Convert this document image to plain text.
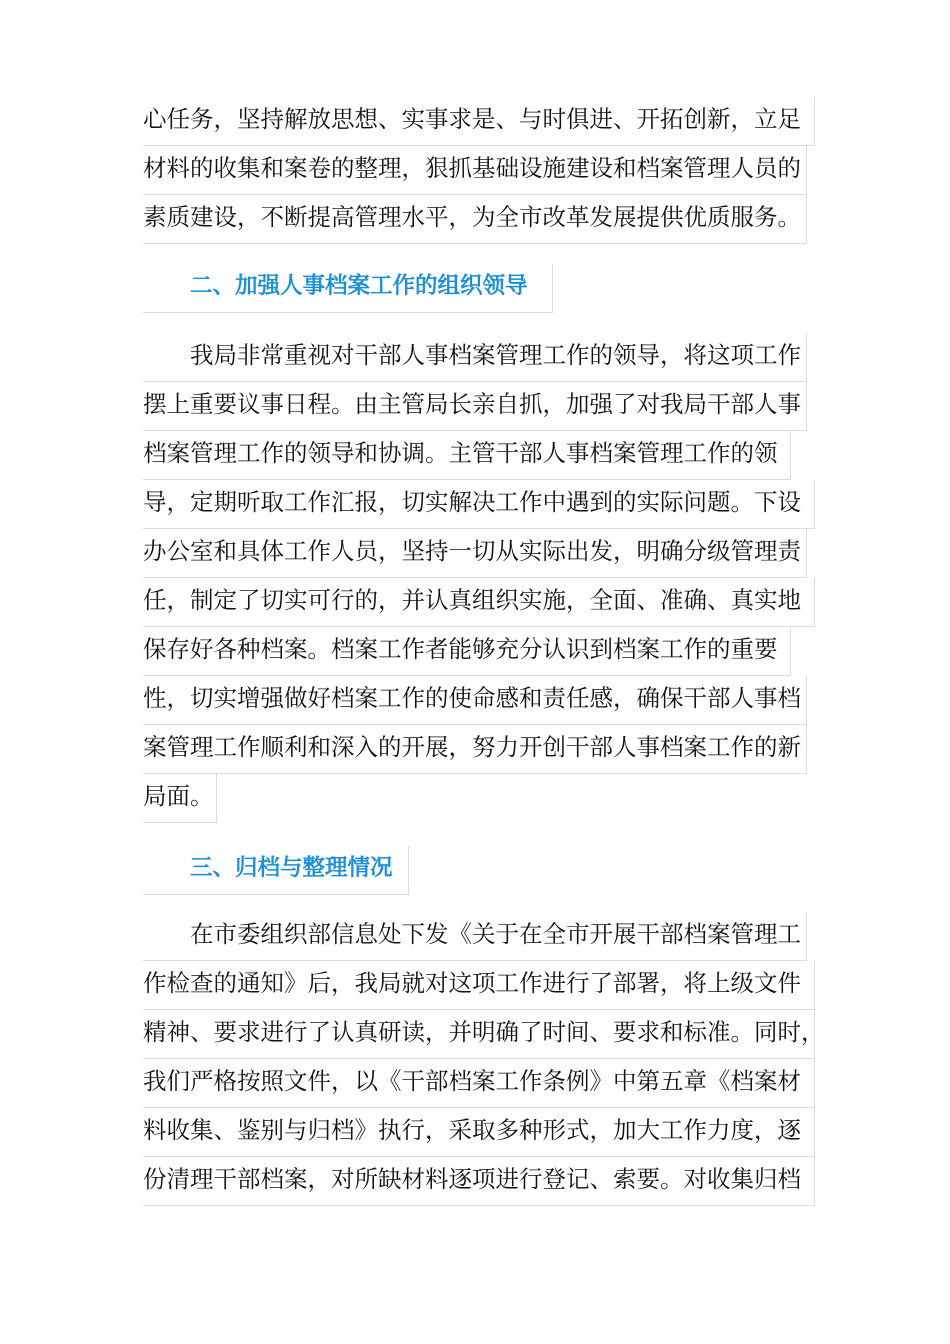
心任务，坚持解放思想、实事求是、与时俱进、开拓创新，立足
材料的收集和案卷的整理，狠抓基础设施建设和档案管理人员的
素质建设，不断提高管理水平，为全市改革发展提供优质服务。
二、加强人事档案工作的组织领导
我局非常重视对干部人事档案管理工作的领导，将这项工作
摆上重要议事日程。由主管局长亲自抓，加强了对我局干部人事
档案管理工作的领导和协调。主管干部人事档案管理工作的领
导，定期听取工作汇报，切实解决工作中遇到的实际问题。下设
办公室和具体工作人员，坚持一切从实际出发，明确分级管理责
任，制定了切实可行的，并认真组织实施，全面、准确、真实地
保存好各种档案。档案工作者能够充分认识到档案工作的重要
性，切实增强做好档案工作的使命感和责任感，确保干部人事档
案管理工作顺利和深入的开展，努力开创干部人事档案工作的新
局面。
三、归档与整理情况
在市委组织部信息处下发《关于在全市开展干部档案管理工
作检查的通知》后，我局就对这项工作进行了部署，将上级文件
精神、要求进行了认真研读，并明确了时间、要求和标准。同时，
我们严格按照文件，以《干部档案工作条例》中第五章《档案材
料收集、鉴别与归档》执行，采取多种形式，加大工作力度，逐
份清理干部档案，对所缺材料逐项进行登记、索要。对收集归档
